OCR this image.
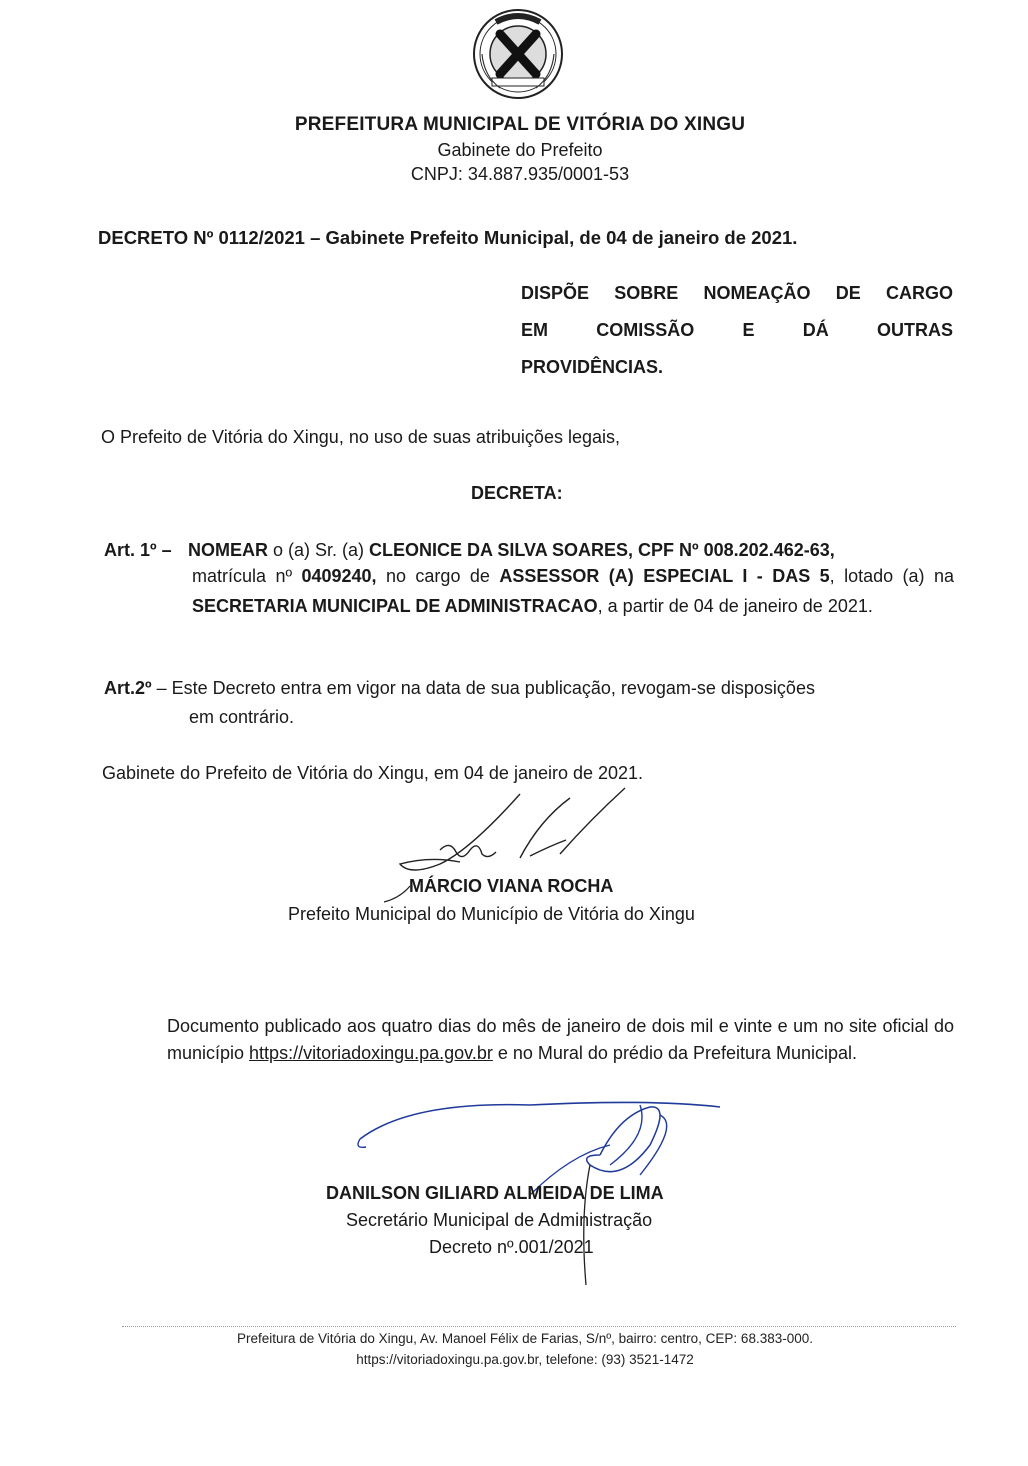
PREFEITURA MUNICIPAL DE VITÓRIA DO XINGU
Gabinete do Prefeito
CNPJ: 34.887.935/0001-53
DECRETO Nº 0112/2021 – Gabinete Prefeito Municipal, de 04 de janeiro de 2021.
DISPÕE SOBRE NOMEAÇÃO DE CARGO
EM COMISSÃO E DÁ OUTRAS
PROVIDÊNCIAS.
O Prefeito de Vitória do Xingu, no uso de suas atribuições legais,
DECRETA:
Art. 1º – NOMEAR o (a) Sr. (a) CLEONICE DA SILVA SOARES, CPF Nº 008.202.462-63,
matrícula nº 0409240, no cargo de ASSESSOR (A) ESPECIAL I - DAS 5, lotado (a) na SECRETARIA MUNICIPAL DE ADMINISTRACAO, a partir de 04 de janeiro de 2021.
Art.2º – Este Decreto entra em vigor na data de sua publicação, revogam-se disposições
em contrário.
Gabinete do Prefeito de Vitória do Xingu, em 04 de janeiro de 2021.
MÁRCIO VIANA ROCHA
Prefeito Municipal do Município de Vitória do Xingu
Documento publicado aos quatro dias do mês de janeiro de dois mil e vinte e um no site oficial do município https://vitoriadoxingu.pa.gov.br e no Mural do prédio da Prefeitura Municipal.
DANILSON GILIARD ALMEIDA DE LIMA
Secretário Municipal de Administração
Decreto nº.001/2021
Prefeitura de Vitória do Xingu, Av. Manoel Félix de Farias, S/nº, bairro: centro, CEP: 68.383-000.
https://vitoriadoxingu.pa.gov.br, telefone: (93) 3521-1472
